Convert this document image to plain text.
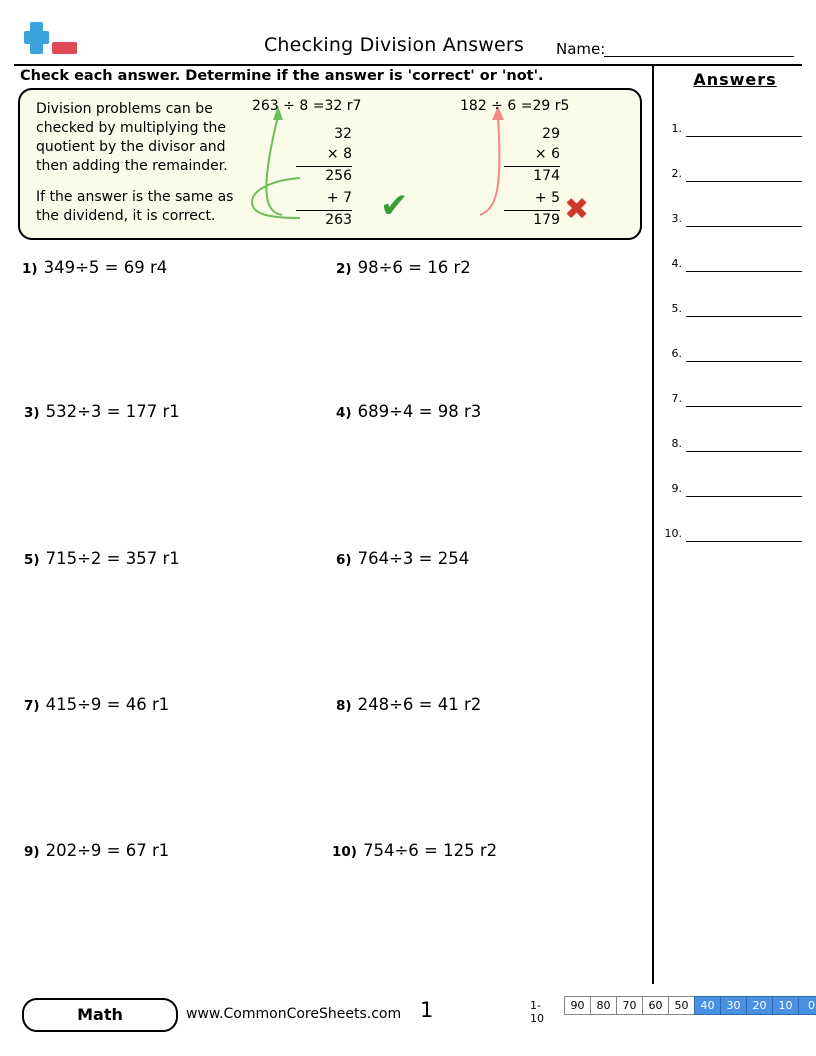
Checking Division Answers	Name:
Check each answer. Determine if the answer is 'correct' or 'not'.	Answers
1.
2.
3.
4.
5.
6.
7.
8.
9.
10.

Division problems can be checked by multiplying the quotient by the divisor and then adding the remainder.

If the answer is the same as the dividend, it is correct.

263 ÷ 8 =32 r7
32
× 8
256
+ 7
263 ✔
182 ÷ 6 =29 r5
29
× 6
174
+ 5
179 ✖
1) 349÷5 = 69 r4	2) 98÷6 = 16 r2
3) 532÷3 = 177 r1	4) 689÷4 = 98 r3
5) 715÷2 = 357 r1	6) 764÷3 = 254
7) 415÷9 = 46 r1	8) 248÷6 = 41 r2
9) 202÷9 = 67 r1	10) 754÷6 = 125 r2
Math	www.CommonCoreSheets.com 1	1-10
90	80	70	60	50	40	30	20	10	0
